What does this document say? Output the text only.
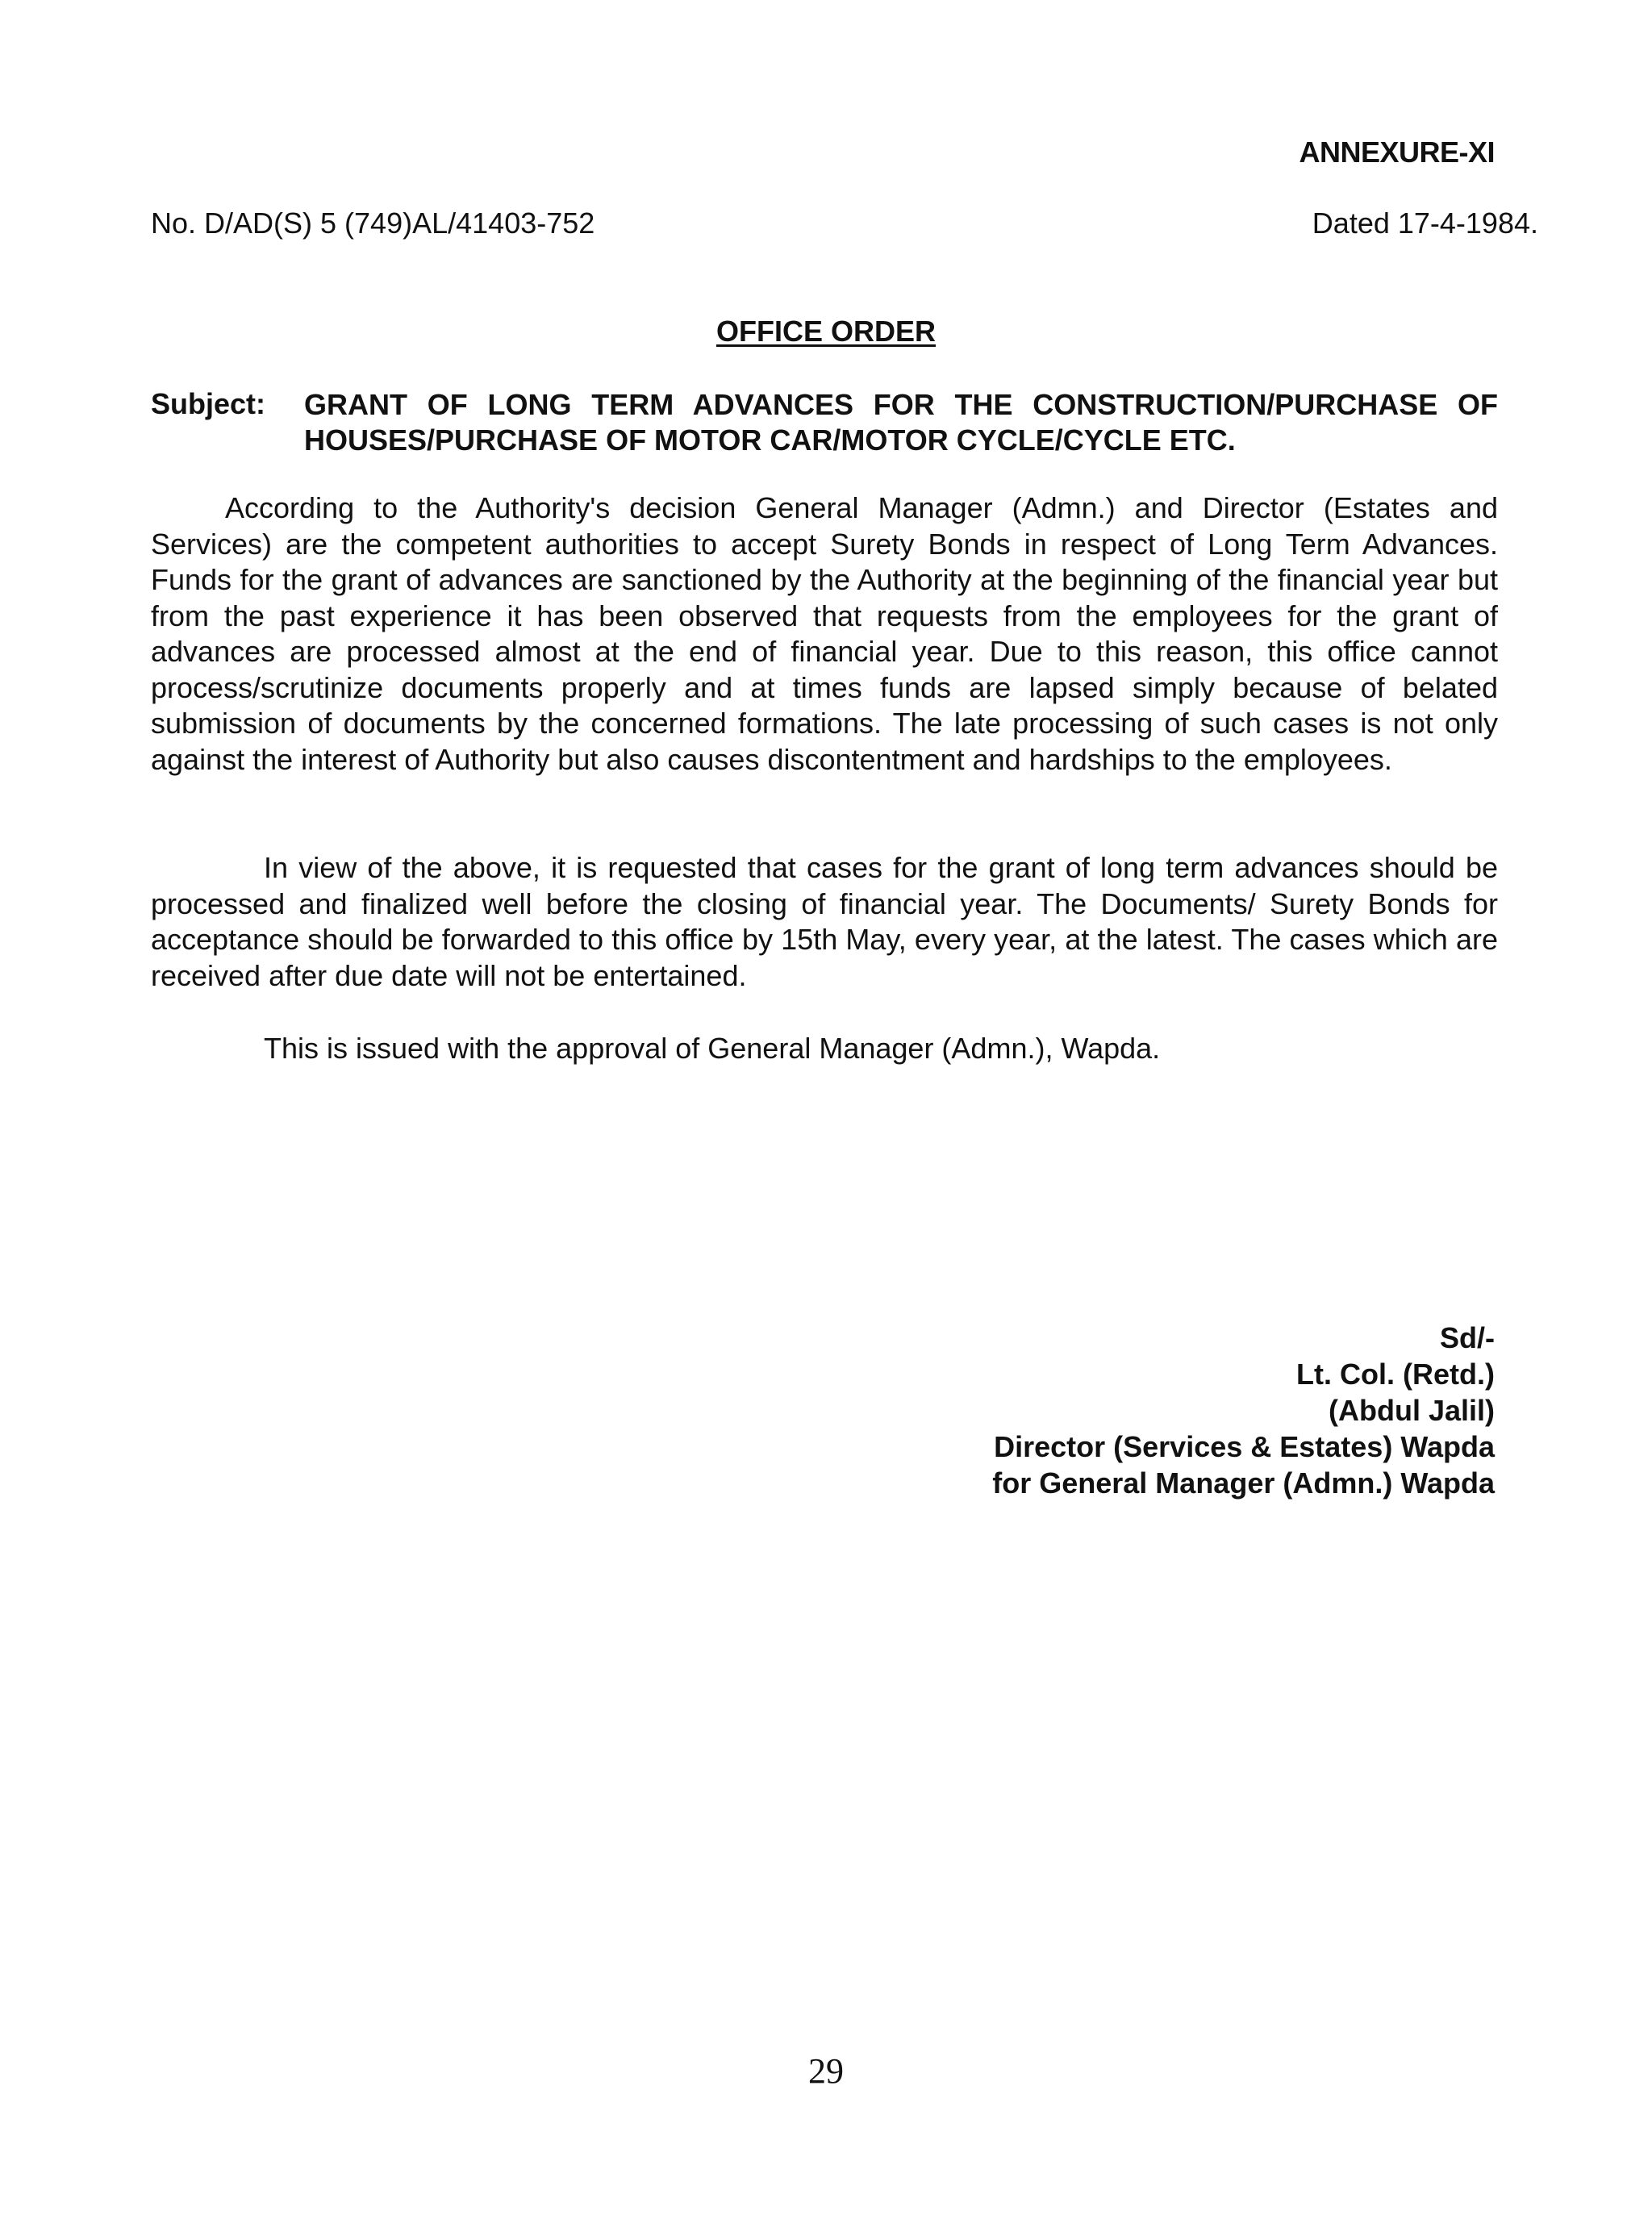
ANNEXURE-XI
No. D/AD(S) 5 (749)AL/41403-752	Dated 17-4-1984.
OFFICE ORDER
Subject: GRANT OF LONG TERM ADVANCES FOR THE CONSTRUCTION/PURCHASE OF HOUSES/PURCHASE OF MOTOR CAR/MOTOR CYCLE/CYCLE ETC.

According to the Authority's decision General Manager (Admn.) and Director (Estates and Services) are the competent authorities to accept Surety Bonds in respect of Long Term Advances. Funds for the grant of advances are sanctioned by the Authority at the beginning of the financial year but from the past experience it has been observed that requests from the employees for the grant of advances are processed almost at the end of financial year. Due to this reason, this office cannot process/scrutinize documents properly and at times funds are lapsed simply because of belated submission of documents by the concerned formations. The late processing of such cases is not only against the interest of Authority but also causes discontentment and hardships to the employees.

In view of the above, it is requested that cases for the grant of long term advances should be processed and finalized well before the closing of financial year. The Documents/ Surety Bonds for acceptance should be forwarded to this office by 15th May, every year, at the latest. The cases which are received after due date will not be entertained.

This is issued with the approval of General Manager (Admn.), Wapda.

Sd/-
Lt. Col. (Retd.)
(Abdul Jalil)
Director (Services & Estates) Wapda
for General Manager (Admn.) Wapda
29
